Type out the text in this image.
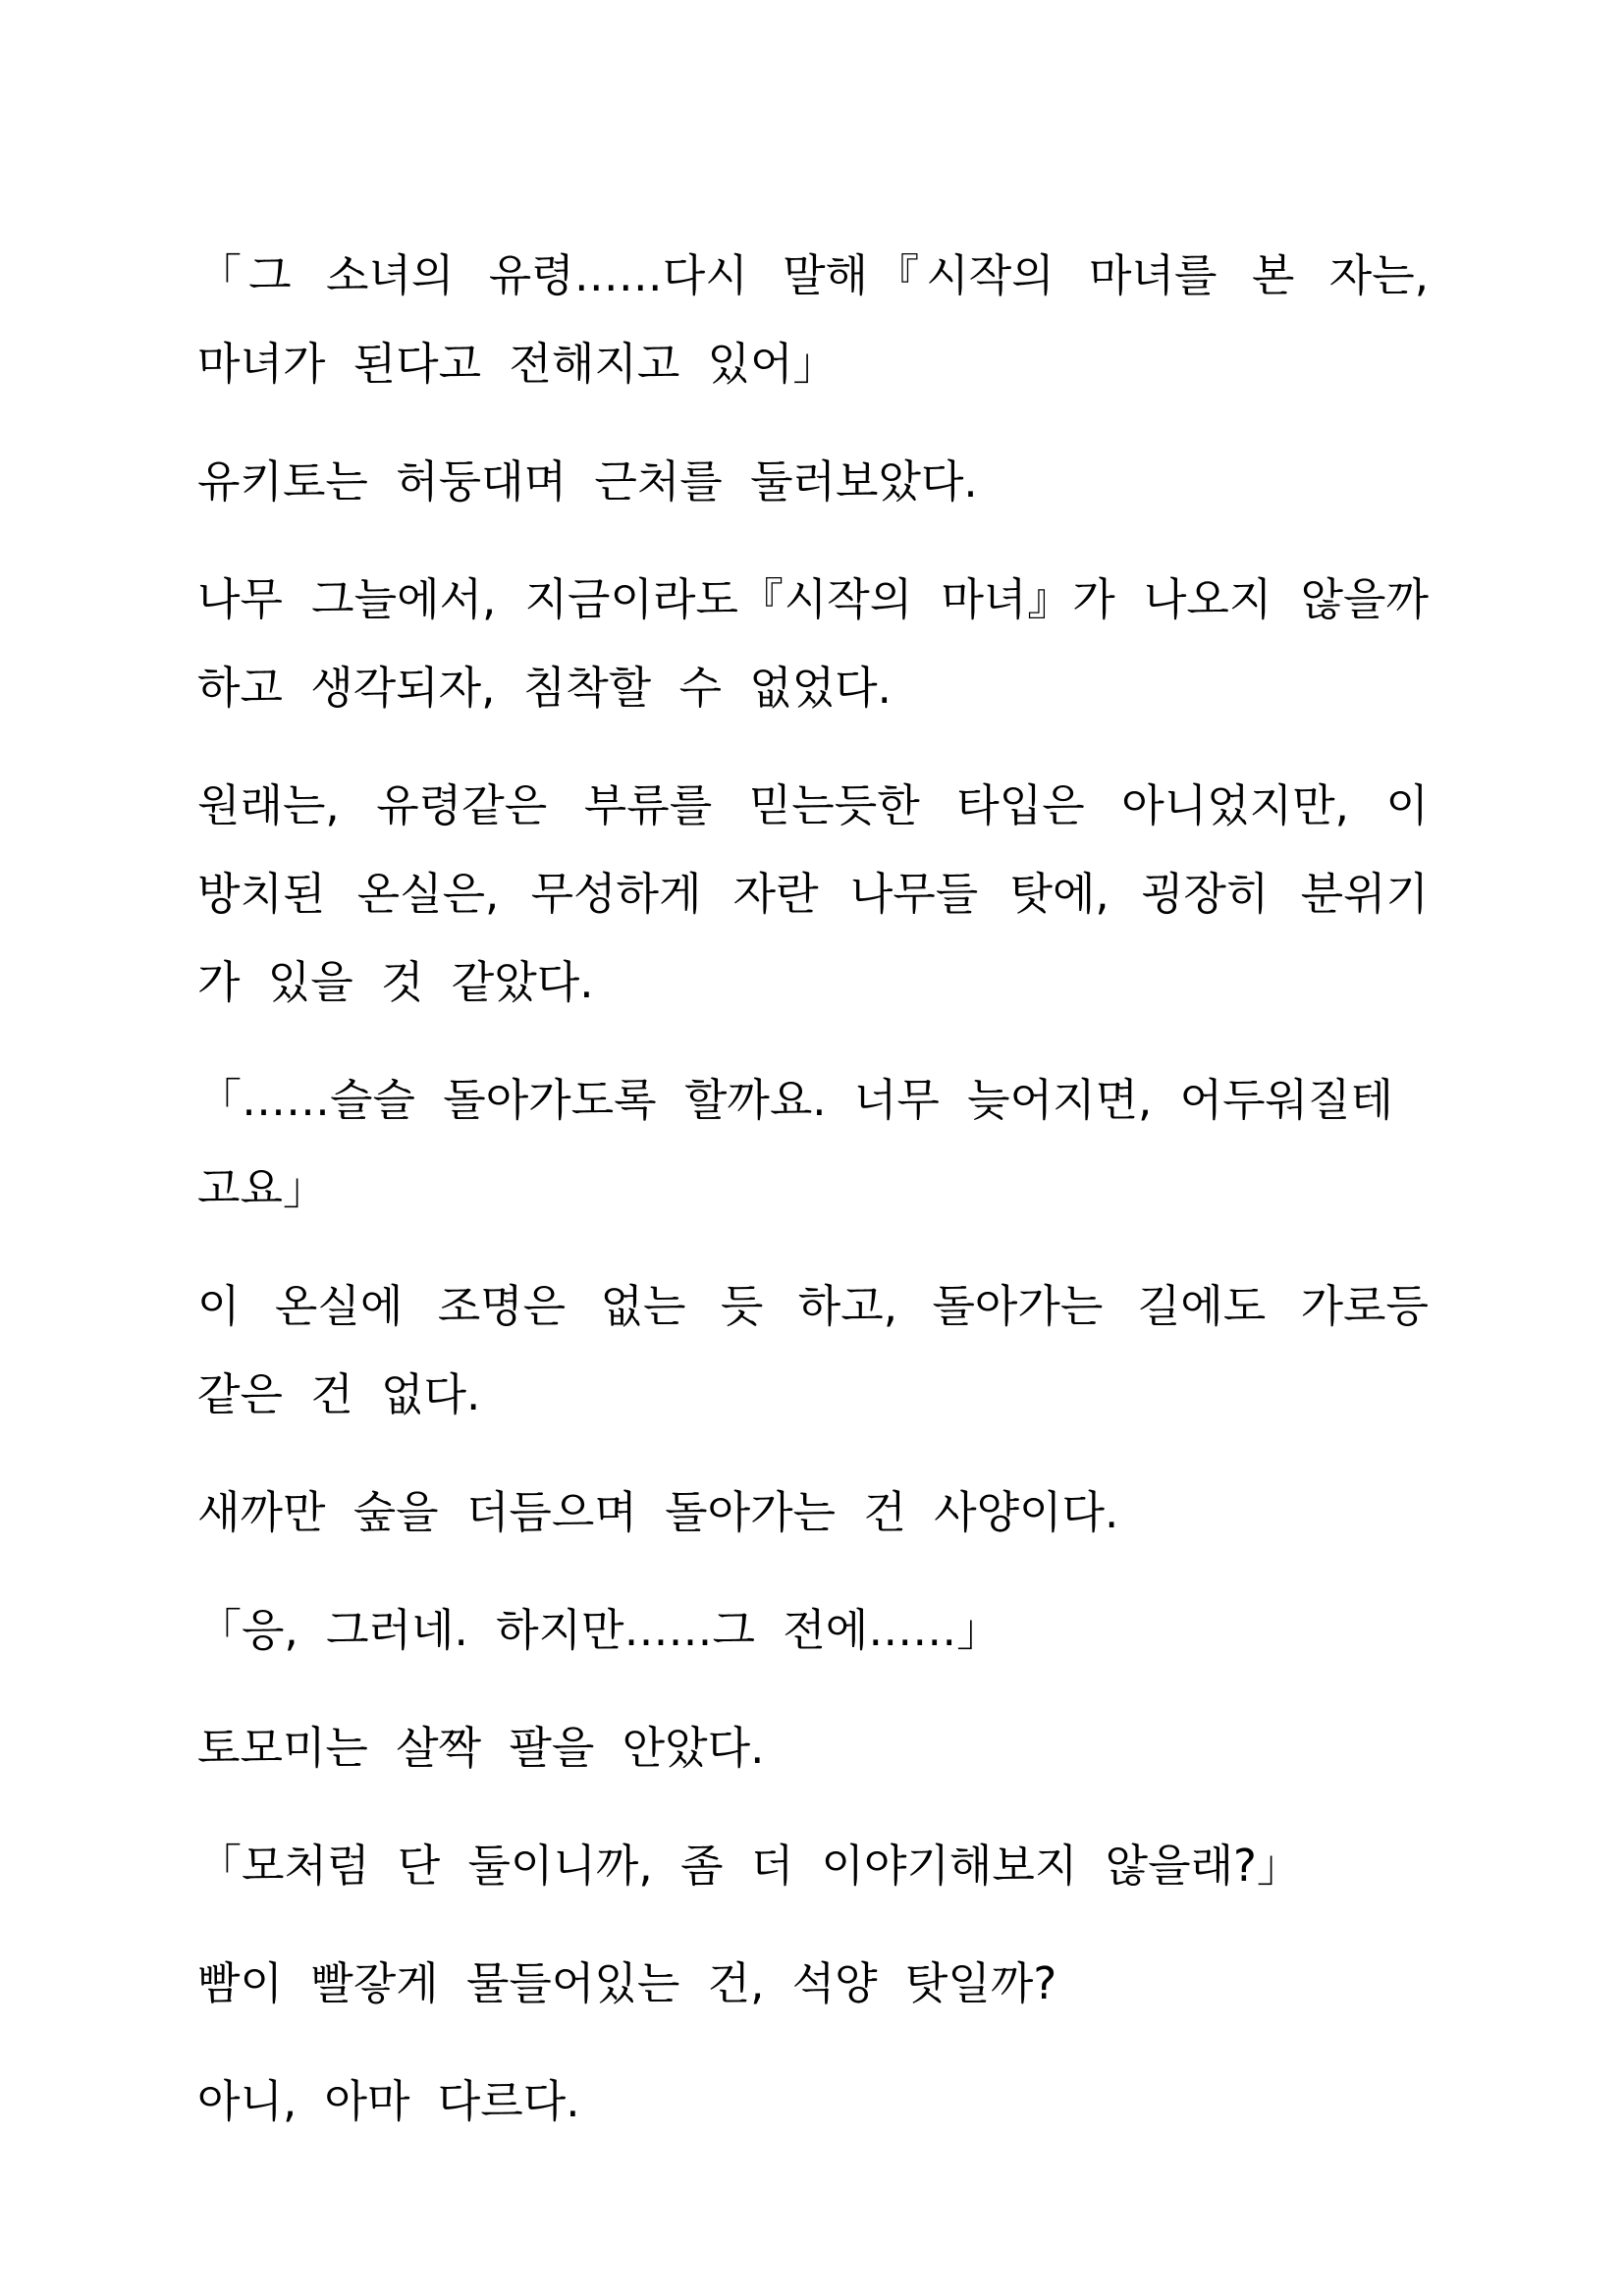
「그 소녀의 유령……다시 말해『시작의 마녀를 본 자는, 마녀가 된다고 전해지고 있어」

유키토는 허둥대며 근처를 둘러보았다.

나무 그늘에서, 지금이라도『시작의 마녀』가 나오지 않을까 하고 생각되자, 침착할 수 없었다.

원래는, 유령같은 부류를 믿는듯한 타입은 아니었지만, 이 방치된 온실은, 무성하게 자란 나무들 탓에, 굉장히 분위기가 있을 것 같았다.

「……슬슬 돌아가도록 할까요. 너무 늦어지면, 어두워질테고요」

이 온실에 조명은 없는 듯 하고, 돌아가는 길에도 가로등 같은 건 없다.

새까만 숲을 더듬으며 돌아가는 건 사양이다.

「응, 그러네. 하지만……그 전에……」

토모미는 살짝 팔을 안았다.

「모처럼 단 둘이니까, 좀 더 이야기해보지 않을래?」

빰이 빨갛게 물들어있는 건, 석양 탓일까?

아니, 아마 다르다.
